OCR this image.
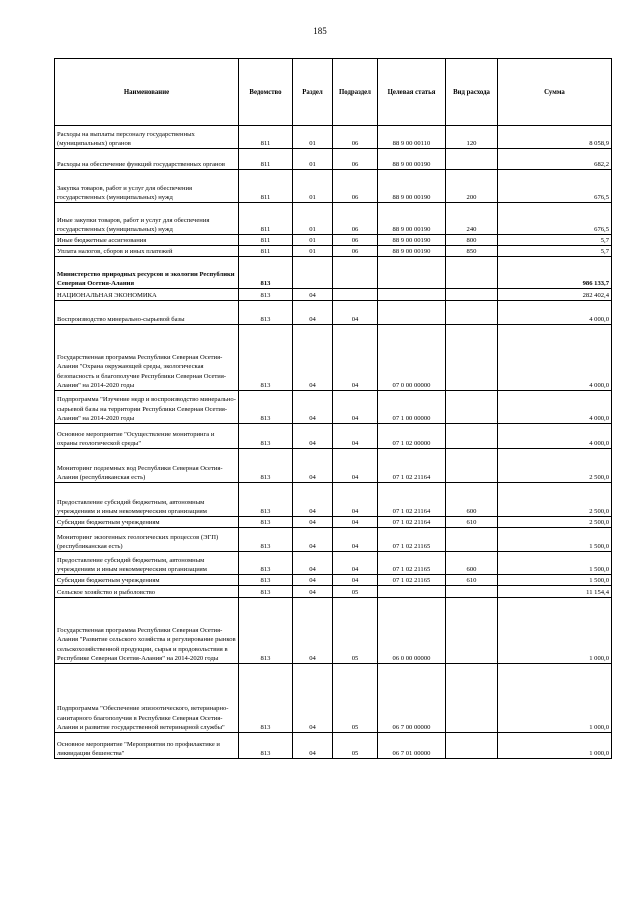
185
Наименование	Ведомство	Раздел	Подраздел	Целевая статья	Вид расхода	Сумма
Расходы на выплаты персоналу государственных (муниципальных) органов	811	01	06	88 9 00 00110	120	8 058,9
Расходы на обеспечение функций государственных органов	811	01	06	88 9 00 00190		682,2
Закупка товаров, работ и услуг для обеспечения государственных (муниципальных) нужд	811	01	06	88 9 00 00190	200	676,5
Иные закупки товаров, работ и услуг для обеспечения государственных (муниципальных) нужд	811	01	06	88 9 00 00190	240	676,5
Иные бюджетные ассигнования	811	01	06	88 9 00 00190	800	5,7
Уплата налогов, сборов и иных платежей	811	01	06	88 9 00 00190	850	5,7
Министерство природных ресурсов и экологии Республики Северная Осетия-Алания	813					986 133,7
НАЦИОНАЛЬНАЯ ЭКОНОМИКА	813	04				282 402,4
Воспроизводство минерально-сырьевой базы	813	04	04			4 000,0
Государственная программа Республики Северная Осетия-Алания "Охрана окружающей среды, экологическая безопасность и благополучие Республики Северная Осетия-Алания" на 2014-2020 годы	813	04	04	07 0 00 00000		4 000,0
Подпрограмма "Изучение недр и воспроизводство минерально-сырьевой базы на территории Республики Северная Осетия-Алания" на 2014-2020 годы	813	04	04	07 1 00 00000		4 000,0
Основное мероприятие "Осуществление мониторинга и охраны геологической среды"	813	04	04	07 1 02 00000		4 000,0
Мониторинг подземных вод Республики Северная Осетия-Алания (республиканская есть)	813	04	04	07 1 02 21164		2 500,0
Предоставление субсидий бюджетным, автономным учреждениям и иным некоммерческим организациям	813	04	04	07 1 02 21164	600	2 500,0
Субсидии бюджетным учреждениям	813	04	04	07 1 02 21164	610	2 500,0
Мониторинг экзогенных геологических процессов (ЭГП) (республиканская есть)	813	04	04	07 1 02 21165		1 500,0
Предоставление субсидий бюджетным, автономным учреждениям и иным некоммерческим организациям	813	04	04	07 1 02 21165	600	1 500,0
Субсидии бюджетным учреждениям	813	04	04	07 1 02 21165	610	1 500,0
Сельское хозяйство и рыболовство	813	04	05			11 154,4
Государственная программа Республики Северная Осетия-Алания "Развитие сельского хозяйства и регулирование рынков сельскохозяйственной продукции, сырья и продовольствия в Республике Северная Осетия-Алания" на 2014-2020 годы	813	04	05	06 0 00 00000		1 000,0
Подпрограмма "Обеспечение эпизоотического, ветеринарно-санитарного благополучия в Республике Северная Осетия-Алания и развитие государственной ветеринарной службы"	813	04	05	06 7 00 00000		1 000,0
Основное мероприятие "Мероприятия по профилактике и ликвидации бешенства"	813	04	05	06 7 01 00000		1 000,0
